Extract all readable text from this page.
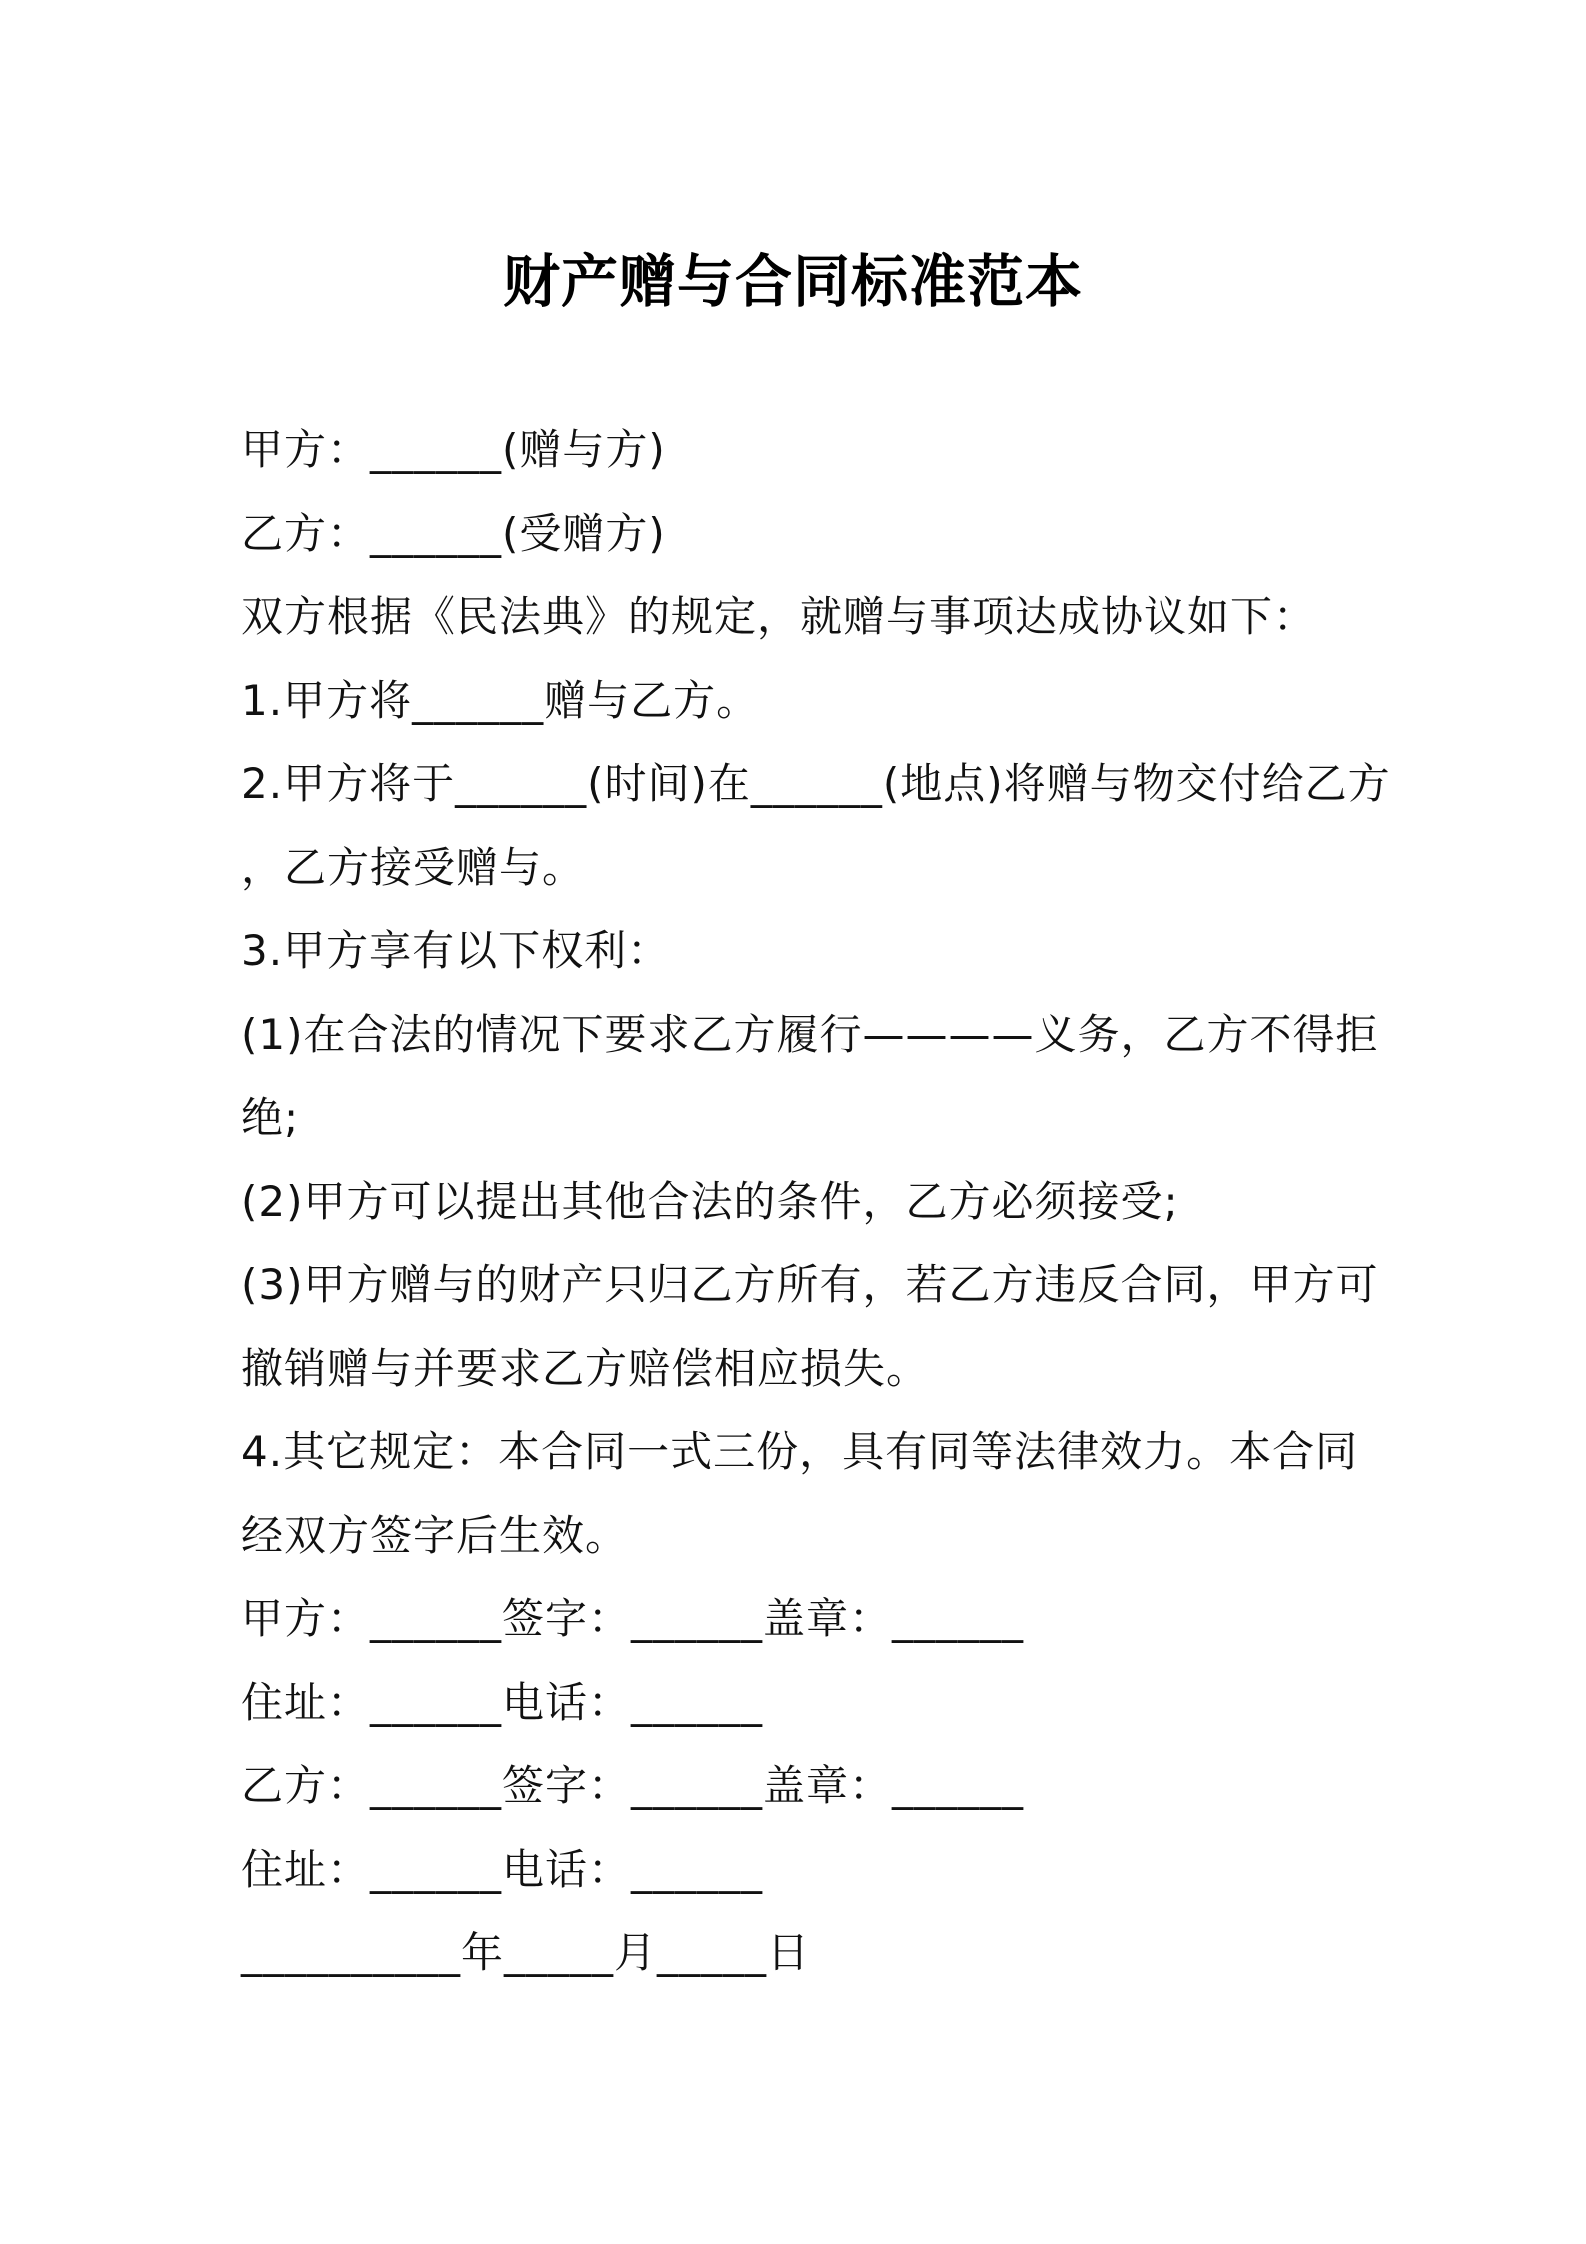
财产赠与合同标准范本
甲方：______(赠与方)
乙方：______(受赠方)
双方根据《民法典》的规定，就赠与事项达成协议如下：
1.甲方将______赠与乙方。
2.甲方将于______(时间)在______(地点)将赠与物交付给乙方
，乙方接受赠与。
3.甲方享有以下权利：
(1)在合法的情况下要求乙方履行————义务，乙方不得拒
绝;
(2)甲方可以提出其他合法的条件，乙方必须接受;
(3)甲方赠与的财产只归乙方所有，若乙方违反合同，甲方可
撤销赠与并要求乙方赔偿相应损失。
4.其它规定：本合同一式三份，具有同等法律效力。本合同
经双方签字后生效。
甲方：______签字：______盖章：______
住址：______电话：______
乙方：______签字：______盖章：______
住址：______电话：______
__________年_____月_____日
